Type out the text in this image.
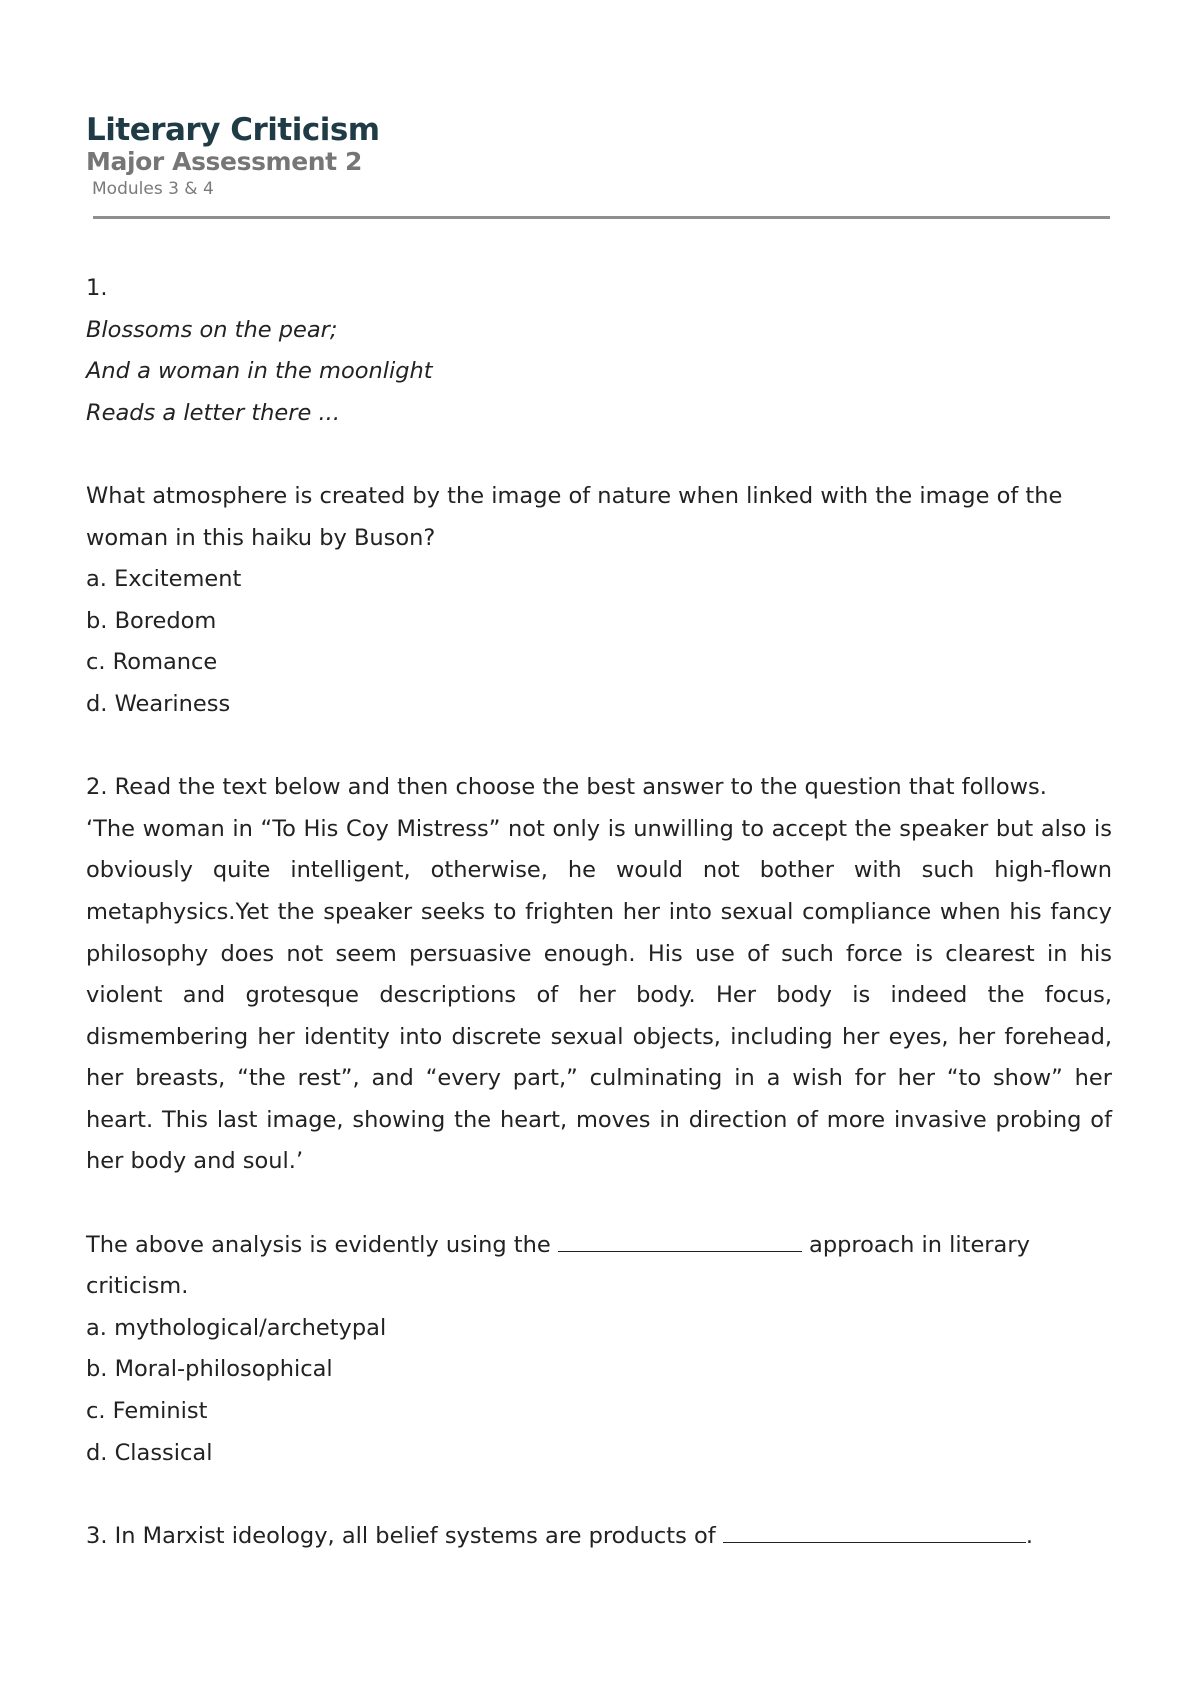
Literary Criticism
Major Assessment 2
Modules 3 & 4
1.
Blossoms on the pear;
And a woman in the moonlight
Reads a letter there ...

What atmosphere is created by the image of nature when linked with the image of the woman in this haiku by Buson?

a. Excitement
b. Boredom
c. Romance
d. Weariness

2. Read the text below and then choose the best answer to the question that follows.

‘The woman in “To His Coy Mistress” not only is unwilling to accept the speaker but also is obviously quite intelligent, otherwise, he would not bother with such high-flown metaphysics.Yet the speaker seeks to frighten her into sexual compliance when his fancy philosophy does not seem persuasive enough. His use of such force is clearest in his violent and grotesque descriptions of her body. Her body is indeed the focus, dismembering her identity into discrete sexual objects, including her eyes, her forehead, her breasts, “the rest”, and “every part,” culminating in a wish for her “to show” her heart. This last image, showing the heart, moves in direction of more invasive probing of her body and soul.’

The above analysis is evidently using the	approach in literary criticism.

a. mythological/archetypal
b. Moral-philosophical
c. Feminist
d. Classical
3. In Marxist ideology, all belief systems are products of	.
